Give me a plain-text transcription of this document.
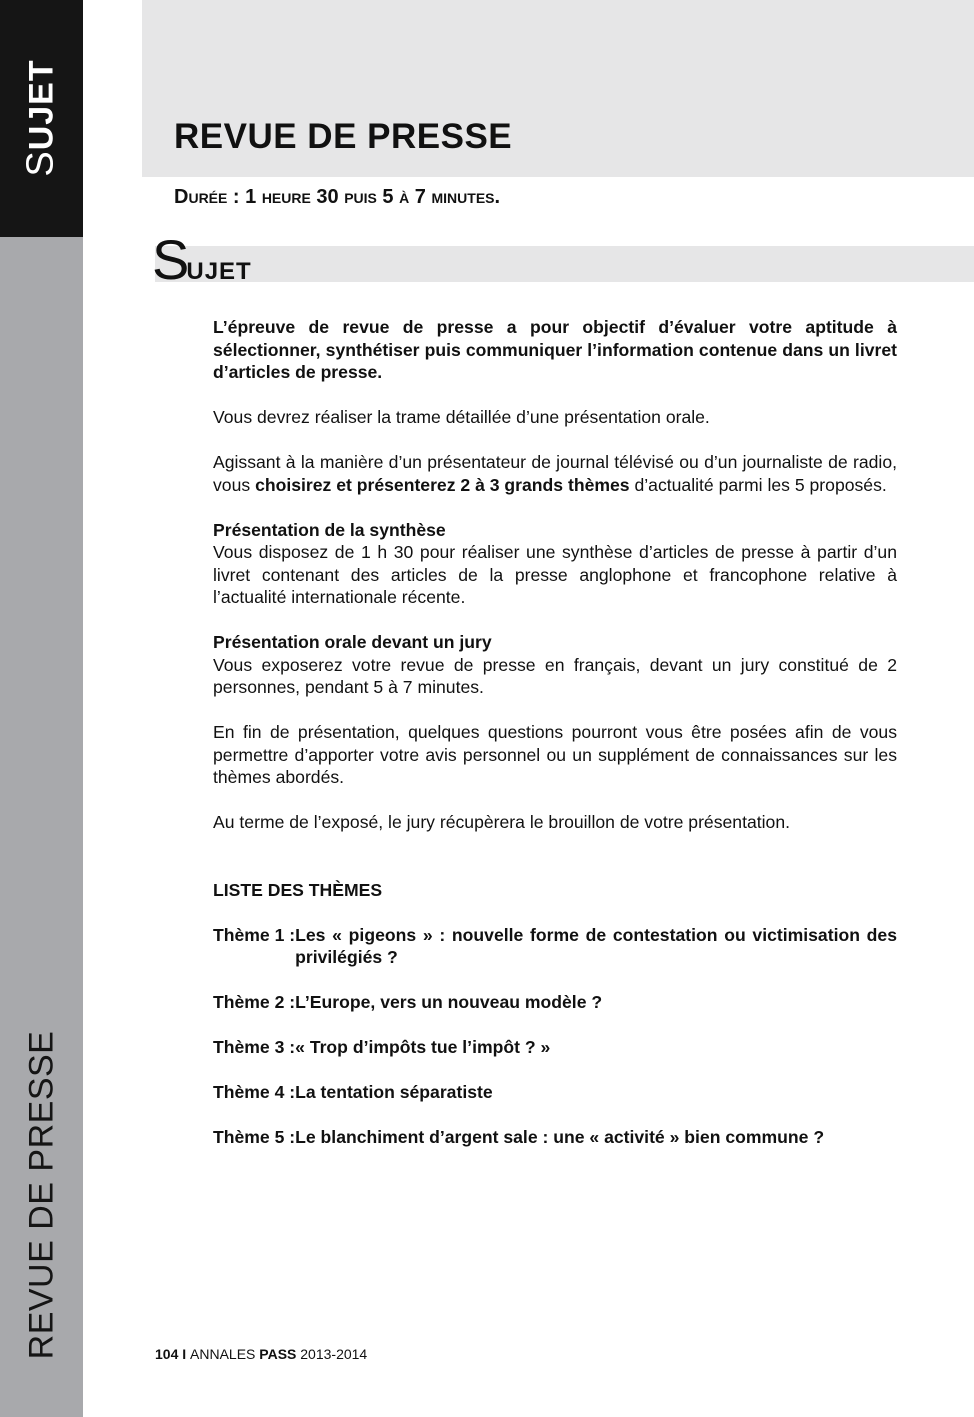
SUJET
REVUE DE PRESSE
REVUE DE PRESSE
DURÉE : 1 HEURE 30 PUIS 5 À 7 MINUTES.
SUJET

L’épreuve de revue de presse a pour objectif d’évaluer votre aptitude à sélectionner, synthétiser puis communiquer l’information contenue dans un livret d’articles de presse.

Vous devrez réaliser la trame détaillée d’une présentation orale.

Agissant à la manière d’un présentateur de journal télévisé ou d’un journaliste de radio, vous choisirez et présenterez 2 à 3 grands thèmes d’actualité parmi les 5 proposés.

Présentation de la synthèse
Vous disposez de 1 h 30 pour réaliser une synthèse d’articles de presse à partir d’un livret contenant des articles de la presse anglophone et francophone relative à l’actualité internationale récente.

Présentation orale devant un jury
Vous exposerez votre revue de presse en français, devant un jury constitué de 2 personnes, pendant 5 à 7 minutes.

En fin de présentation, quelques questions pourront vous être posées afin de vous permettre d’apporter votre avis personnel ou un supplément de connaissances sur les thèmes abordés.

Au terme de l’exposé, le jury récupèrera le brouillon de votre présentation.

LISTE DES THÈMES

Thème 1 : Les « pigeons » : nouvelle forme de contestation ou victimisation des privilégiés ?

Thème 2 : L’Europe, vers un nouveau modèle ?

Thème 3 : « Trop d’impôts tue l’impôt ? »

Thème 4 : La tentation séparatiste

Thème 5 : Le blanchiment d’argent sale : une « activité » bien commune ?

104 I ANNALES PASS 2013-2014
